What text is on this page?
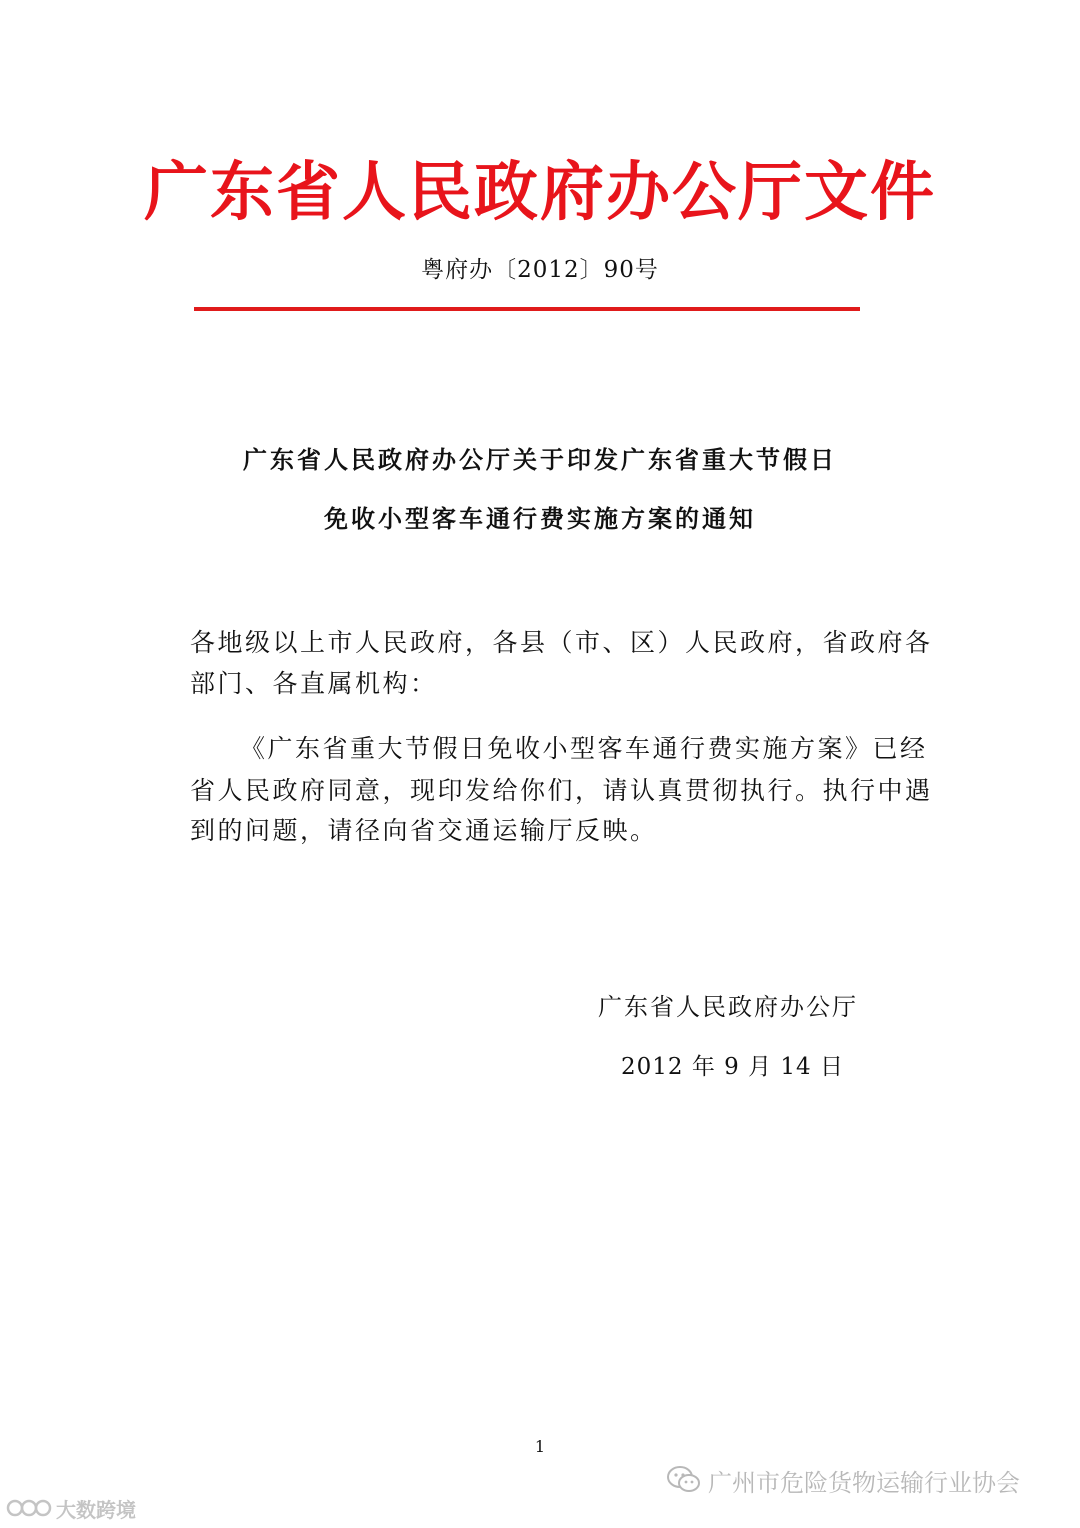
广东省人民政府办公厅文件
粤府办〔2012〕90号
广东省人民政府办公厅关于印发广东省重大节假日
免收小型客车通行费实施方案的通知
各地级以上市人民政府，各县（市、区）人民政府，省政府各
部门、各直属机构：
《广东省重大节假日免收小型客车通行费实施方案》已经
省人民政府同意，现印发给你们，请认真贯彻执行。执行中遇
到的问题，请径向省交通运输厅反映。
广东省人民政府办公厅
2012 年 9 月 14 日
1
广州市危险货物运输行业协会
大数跨境
